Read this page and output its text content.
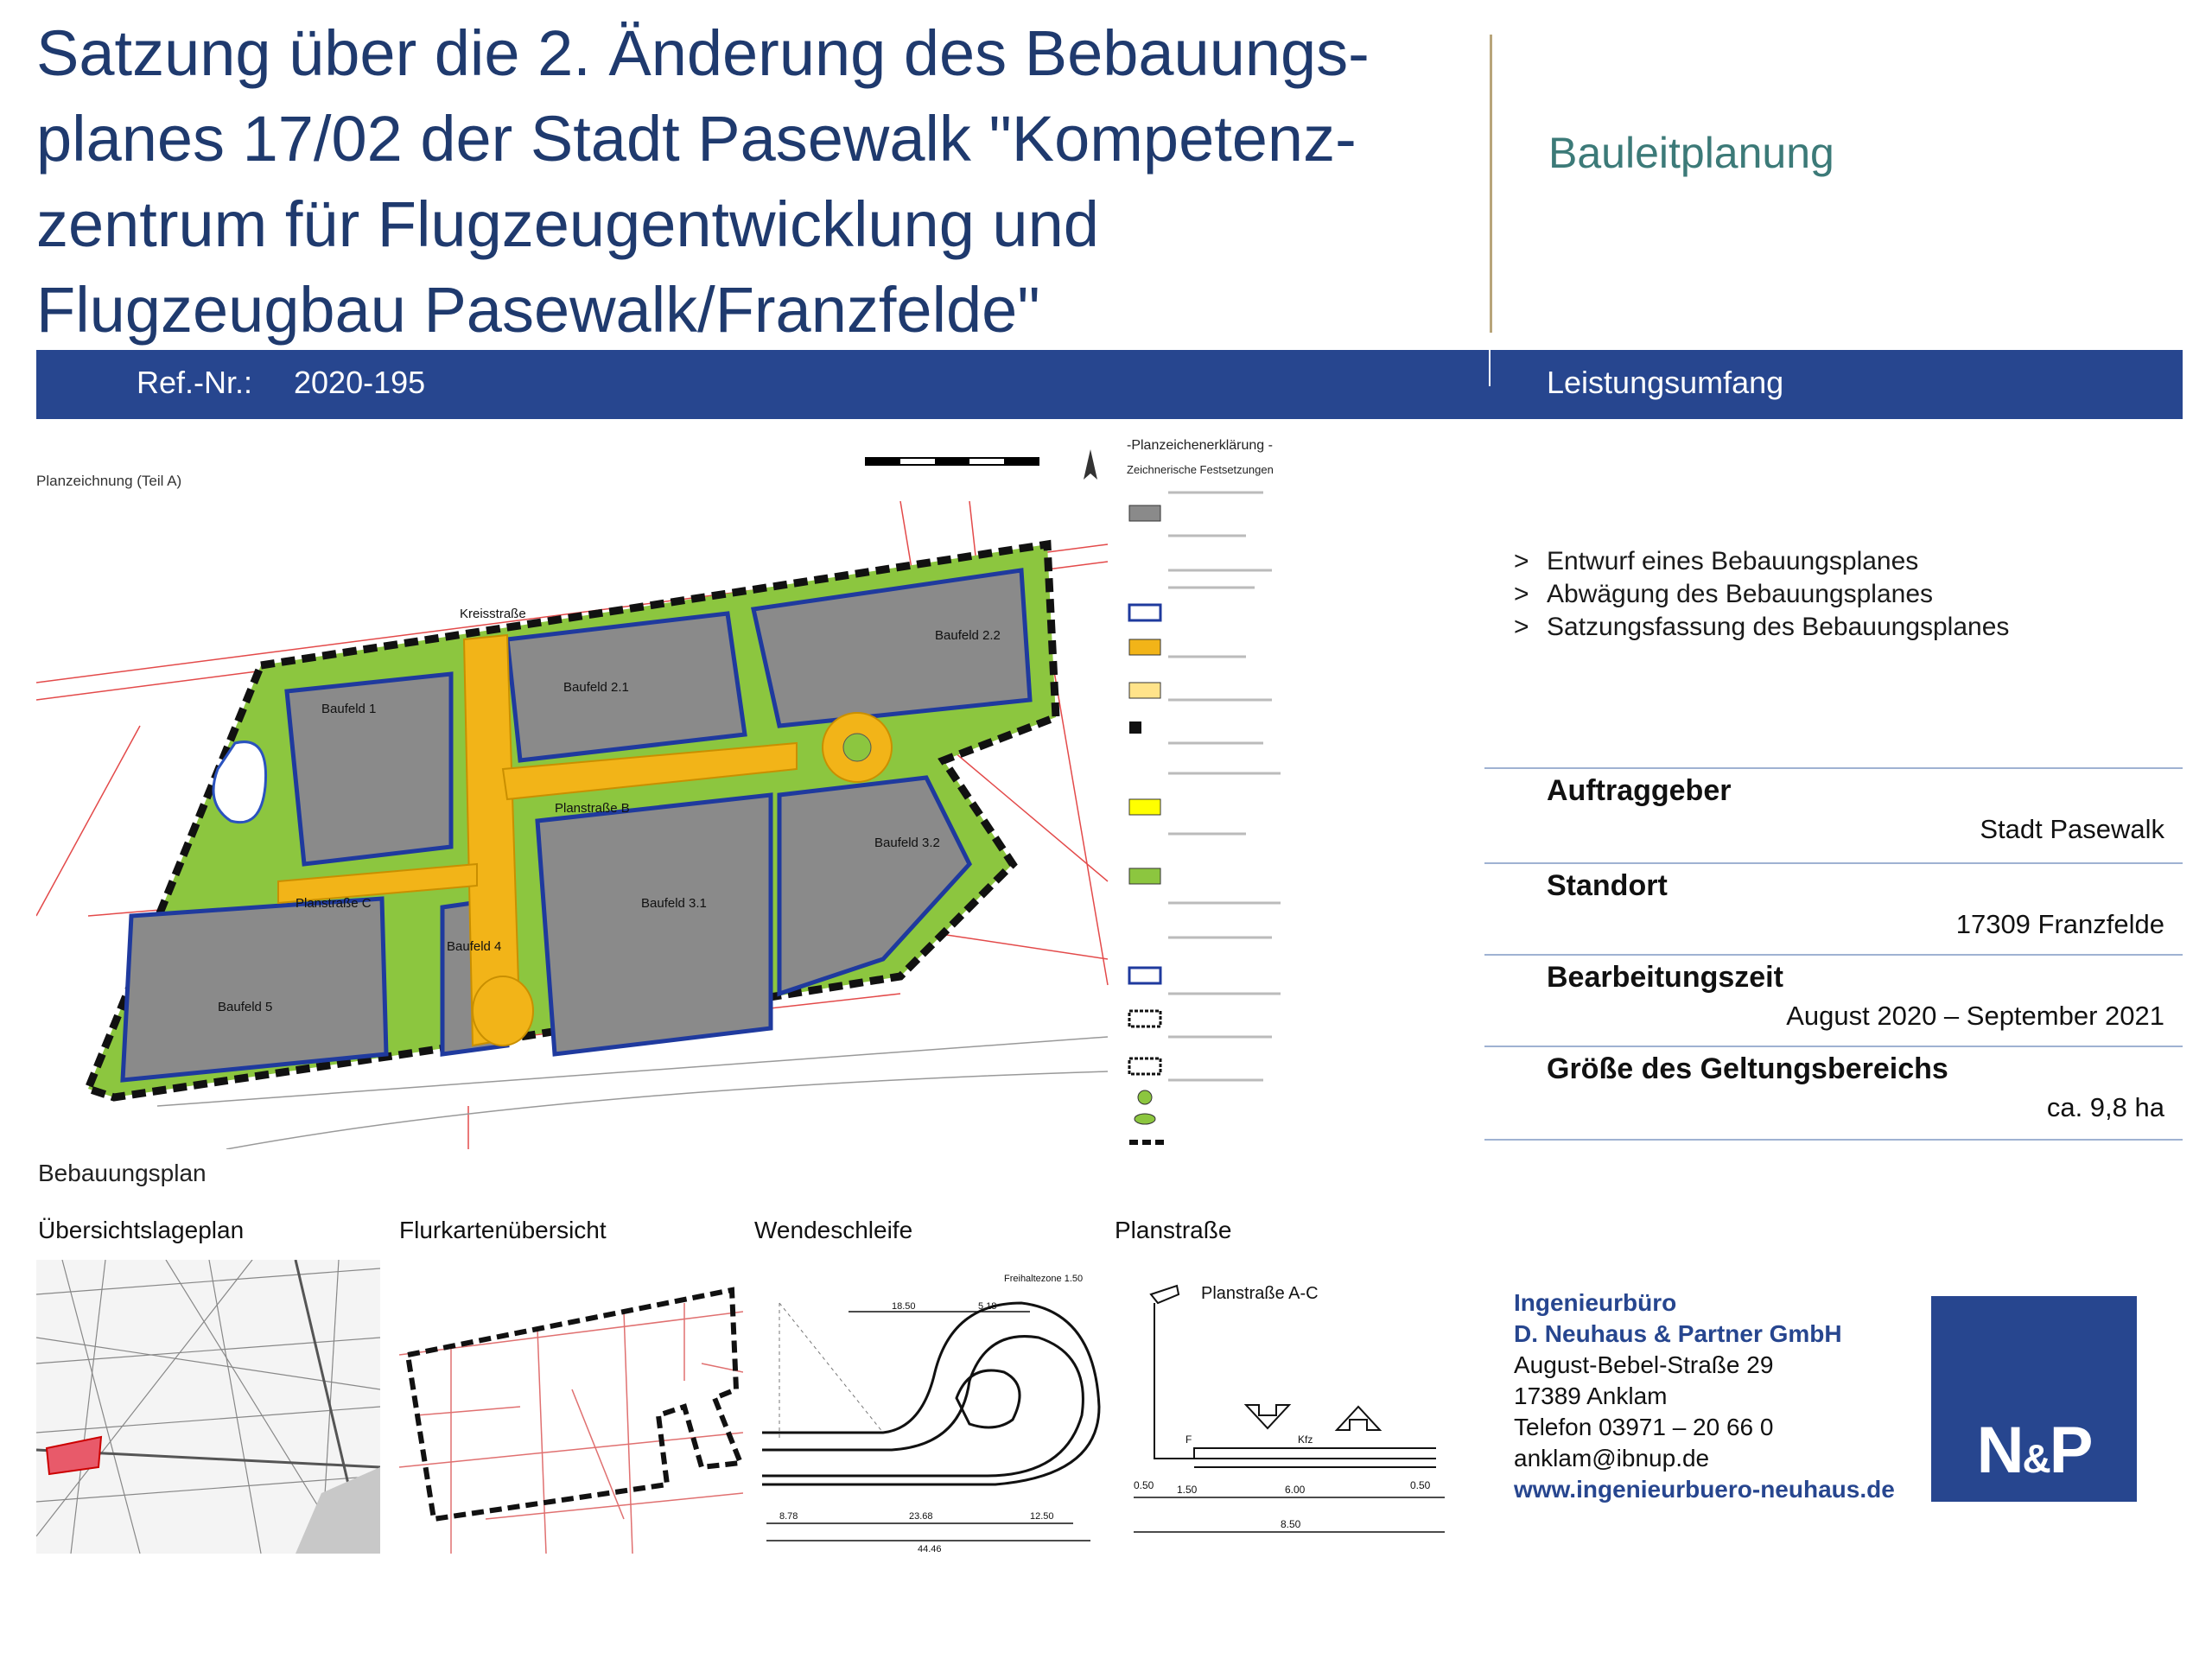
Satzung über die 2. Änderung des Bebauungs-planes 17/02 der Stadt Pasewalk "Kompetenz-zentrum für Flugzeugentwicklung und Flugzeugbau Pasewalk/Franzfelde"
Bauleitplanung
Ref.-Nr.: 2020-195	Leistungsumfang
Planzeichnung (Teil A)
Baufeld 1
Baufeld 2.1
Baufeld 2.2
Baufeld 3.1
Baufeld 3.2
Baufeld 4
Baufeld 5
Kreisstraße
Planstraße B
Planstraße C
-Planzeichenerklärung -
Zeichnerische Festsetzungen
Bebauungsplan
> Entwurf eines Bebauungsplanes
> Abwägung des Bebauungsplanes
> Satzungsfassung des Bebauungsplanes
Auftraggeber
Stadt Pasewalk
Standort
17309 Franzfelde
Bearbeitungszeit
August 2020 – September 2021
Größe des Geltungsbereichs
ca. 9,8 ha
Übersichtslageplan	Flurkartenübersicht	Wendeschleife	Planstraße
18.50	5.18
Freihaltezone 1.50
8.78	23.68	12.50
44.46
Planstraße A-C
F	Kfz
0.50 1.50	6.00	0.50
8.50
Ingenieurbüro
D. Neuhaus & Partner GmbH
August-Bebel-Straße 29
17389 Anklam
Telefon 03971 – 20 66 0
anklam@ibnup.de
www.ingenieurbuero-neuhaus.de
N&P
